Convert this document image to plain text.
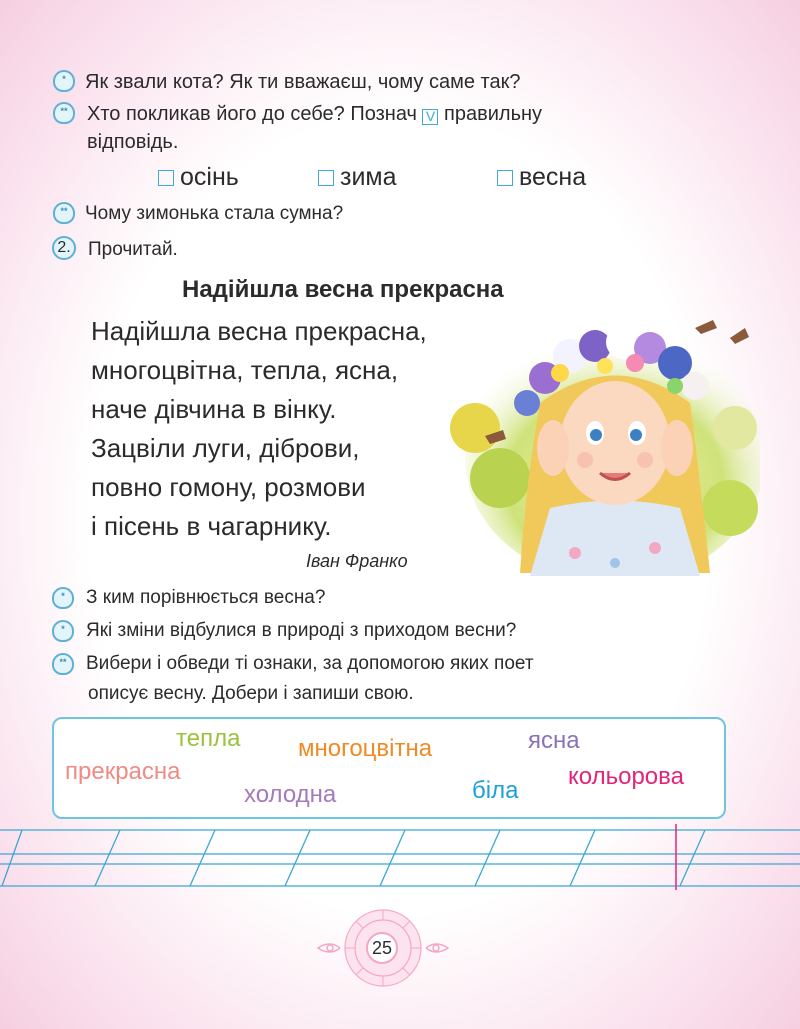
* Як звали кота? Як ти вважаєш, чому саме так?
** Хто покликав його до себе? Познач V правильну
відповідь.
осінь	зима	весна
** Чому зимонька стала сумна?
2. Прочитай.
Надійшла весна прекрасна
Надійшла весна прекрасна,
многоцвітна, тепла, ясна,
наче дівчина в вінку.
Зацвіли луги, діброви,
повно гомону, розмови
і пісень в чагарнику.
Іван Франко
*	З ким порівнюється весна?
*	Які зміни відбулися в природі з приходом весни?
**	Вибери і обведи ті ознаки, за допомогою яких поет
описує весну. Добери і запиши свою.
тепла многоцвітна	ясна
прекрасна
холодна	біла
кольорова
25
